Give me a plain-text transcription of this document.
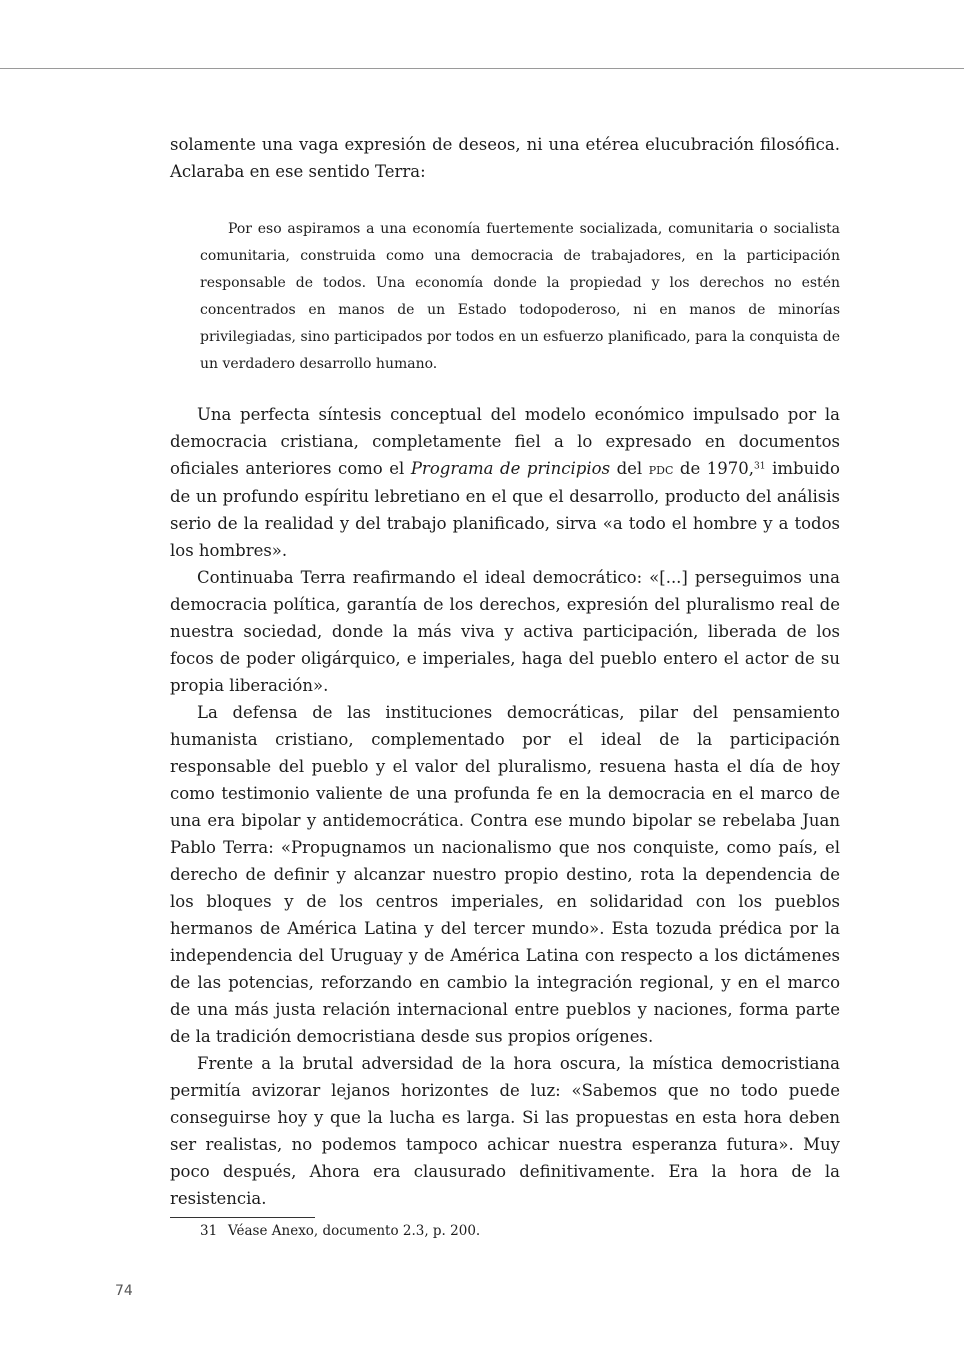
solamente una vaga expresión de deseos, ni una etérea elucubración filosófica.

Aclaraba en ese sentido Terra:

Por eso aspiramos a una economía fuertemente socializada, comunitaria o socialista comunitaria, construida como una democracia de trabajadores, en la participación responsable de todos. Una economía donde la propiedad y los derechos no estén concentrados en manos de un Estado todopoderoso, ni en manos de minorías privilegiadas, sino participados por todos en un esfuerzo planificado, para la conquista de un verdadero desarrollo humano.

Una perfecta síntesis conceptual del modelo económico impulsado por la democracia cristiana, completamente fiel a lo expresado en documentos oficiales anteriores como el Programa de principios del pdc de 1970,31 imbuido de un profundo espíritu lebretiano en el que el desarrollo, producto del análisis serio de la realidad y del trabajo planificado, sirva «a todo el hombre y a todos los hombres».

Continuaba Terra reafirmando el ideal democrático: «[...] perseguimos una democracia política, garantía de los derechos, expresión del pluralismo real de nuestra sociedad, donde la más viva y activa participación, liberada de los focos de poder oligárquico, e imperiales, haga del pueblo entero el actor de su propia liberación».

La defensa de las instituciones democráticas, pilar del pensamiento humanista cristiano, complementado por el ideal de la participación responsable del pueblo y el valor del pluralismo, resuena hasta el día de hoy como testimonio valiente de una profunda fe en la democracia en el marco de una era bipolar y antidemocrática. Contra ese mundo bipolar se rebelaba Juan Pablo Terra: «Propugnamos un nacionalismo que nos conquiste, como país, el derecho de definir y alcanzar nuestro propio destino, rota la dependencia de los bloques y de los centros imperiales, en solidaridad con los pueblos hermanos de América Latina y del tercer mundo». Esta tozuda prédica por la independencia del Uruguay y de América Latina con respecto a los dictámenes de las potencias, reforzando en cambio la integración regional, y en el marco de una más justa relación internacional entre pueblos y naciones, forma parte de la tradición democristiana desde sus propios orígenes.

Frente a la brutal adversidad de la hora oscura, la mística democristiana permitía avizorar lejanos horizontes de luz: «Sabemos que no todo puede conseguirse hoy y que la lucha es larga. Si las propuestas en esta hora deben ser realistas, no podemos tampoco achicar nuestra esperanza futura». Muy poco después, Ahora era clausurado definitivamente. Era la hora de la resistencia.

31 Véase Anexo, documento 2.3, p. 200.
74
